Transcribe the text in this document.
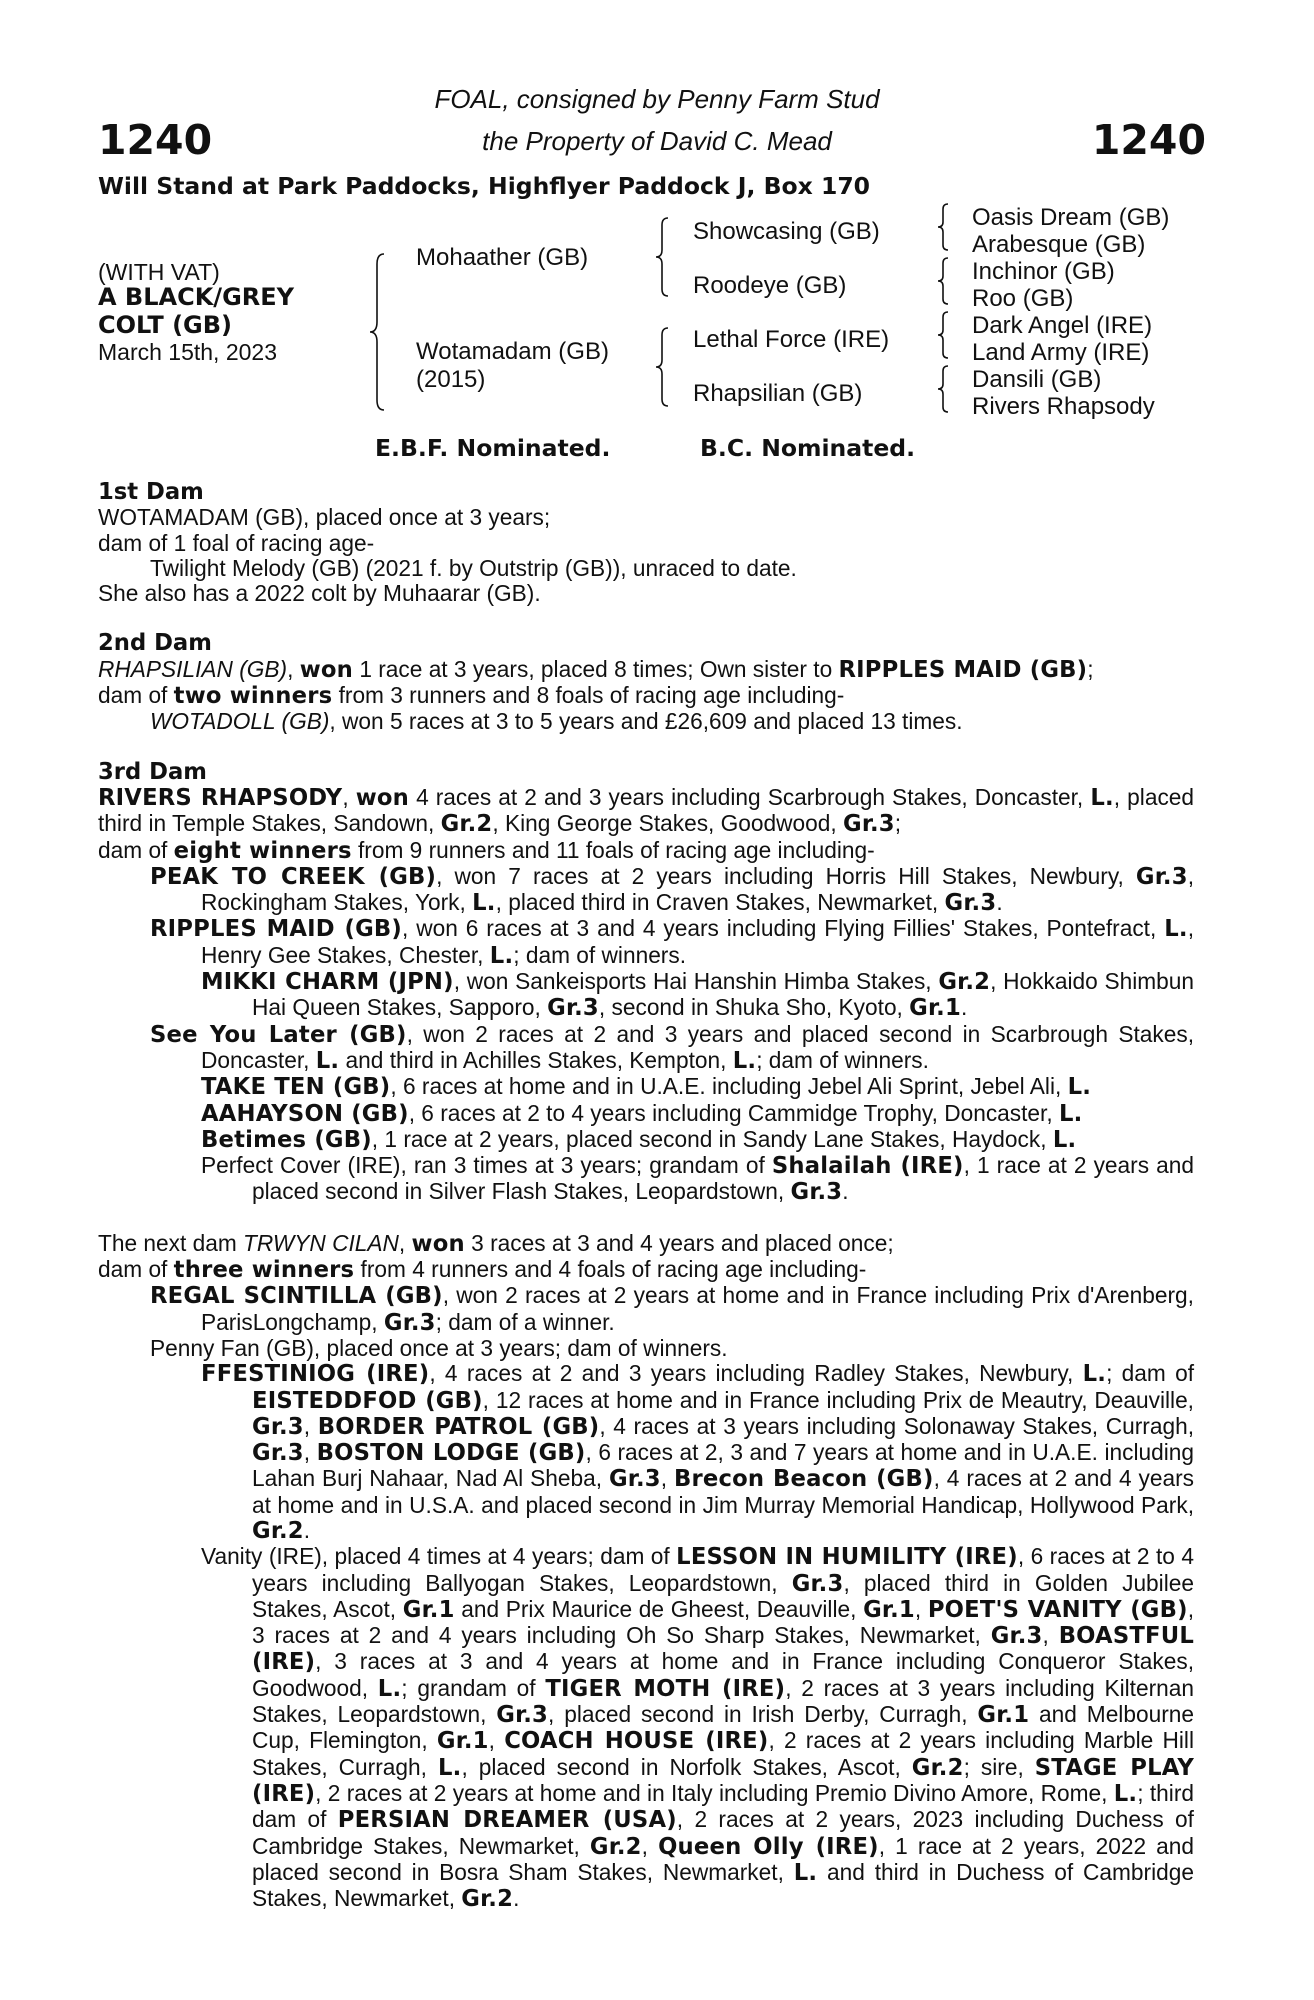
1240	1240
FOAL, consigned by Penny Farm Stud
the Property of David C. Mead
Will Stand at Park Paddocks, Highflyer Paddock J, Box 170
(WITH VAT)
A BLACK/GREY
COLT (GB)
March 15th, 2023
Mohaather (GB)
Wotamadam (GB)
(2015)
Showcasing (GB)
Roodeye (GB)
Lethal Force (IRE)
Rhapsilian (GB)
Oasis Dream (GB)
Arabesque (GB)
Inchinor (GB)
Roo (GB)
Dark Angel (IRE)
Land Army (IRE)
Dansili (GB)
Rivers Rhapsody
E.B.F. Nominated.	B.C. Nominated.

1st Dam

WOTAMADAM (GB), placed once at 3 years;

dam of 1 foal of racing age-

Twilight Melody (GB) (2021 f. by Outstrip (GB)), unraced to date.

She also has a 2022 colt by Muhaarar (GB).

2nd Dam

RHAPSILIAN (GB), won 1 race at 3 years, placed 8 times; Own sister to RIPPLES MAID (GB);

dam of two winners from 3 runners and 8 foals of racing age including-

WOTADOLL (GB), won 5 races at 3 to 5 years and £26,609 and placed 13 times.

3rd Dam

RIVERS RHAPSODY, won 4 races at 2 and 3 years including Scarbrough Stakes, Doncaster, L., placed third in Temple Stakes, Sandown, Gr.2, King George Stakes, Goodwood, Gr.3;

dam of eight winners from 9 runners and 11 foals of racing age including-

PEAK TO CREEK (GB), won 7 races at 2 years including Horris Hill Stakes, Newbury, Gr.3, Rockingham Stakes, York, L., placed third in Craven Stakes, Newmarket, Gr.3.

RIPPLES MAID (GB), won 6 races at 3 and 4 years including Flying Fillies' Stakes, Pontefract, L., Henry Gee Stakes, Chester, L.; dam of winners.

MIKKI CHARM (JPN), won Sankeisports Hai Hanshin Himba Stakes, Gr.2, Hokkaido Shimbun Hai Queen Stakes, Sapporo, Gr.3, second in Shuka Sho, Kyoto, Gr.1.

See You Later (GB), won 2 races at 2 and 3 years and placed second in Scarbrough Stakes, Doncaster, L. and third in Achilles Stakes, Kempton, L.; dam of winners.

TAKE TEN (GB), 6 races at home and in U.A.E. including Jebel Ali Sprint, Jebel Ali, L.

AAHAYSON (GB), 6 races at 2 to 4 years including Cammidge Trophy, Doncaster, L.

Betimes (GB), 1 race at 2 years, placed second in Sandy Lane Stakes, Haydock, L.

Perfect Cover (IRE), ran 3 times at 3 years; grandam of Shalailah (IRE), 1 race at 2 years and placed second in Silver Flash Stakes, Leopardstown, Gr.3.

The next dam TRWYN CILAN, won 3 races at 3 and 4 years and placed once;

dam of three winners from 4 runners and 4 foals of racing age including-

REGAL SCINTILLA (GB), won 2 races at 2 years at home and in France including Prix d'Arenberg, ParisLongchamp, Gr.3; dam of a winner.

Penny Fan (GB), placed once at 3 years; dam of winners.

FFESTINIOG (IRE), 4 races at 2 and 3 years including Radley Stakes, Newbury, L.; dam of EISTEDDFOD (GB), 12 races at home and in France including Prix de Meautry, Deauville, Gr.3, BORDER PATROL (GB), 4 races at 3 years including Solonaway Stakes, Curragh, Gr.3, BOSTON LODGE (GB), 6 races at 2, 3 and 7 years at home and in U.A.E. including Lahan Burj Nahaar, Nad Al Sheba, Gr.3, Brecon Beacon (GB), 4 races at 2 and 4 years at home and in U.S.A. and placed second in Jim Murray Memorial Handicap, Hollywood Park, Gr.2.

Vanity (IRE), placed 4 times at 4 years; dam of LESSON IN HUMILITY (IRE), 6 races at 2 to 4 years including Ballyogan Stakes, Leopardstown, Gr.3, placed third in Golden Jubilee Stakes, Ascot, Gr.1 and Prix Maurice de Gheest, Deauville, Gr.1, POET'S VANITY (GB), 3 races at 2 and 4 years including Oh So Sharp Stakes, Newmarket, Gr.3, BOASTFUL (IRE), 3 races at 3 and 4 years at home and in France including Conqueror Stakes, Goodwood, L.; grandam of TIGER MOTH (IRE), 2 races at 3 years including Kilternan Stakes, Leopardstown, Gr.3, placed second in Irish Derby, Curragh, Gr.1 and Melbourne Cup, Flemington, Gr.1, COACH HOUSE (IRE), 2 races at 2 years including Marble Hill Stakes, Curragh, L., placed second in Norfolk Stakes, Ascot, Gr.2; sire, STAGE PLAY (IRE), 2 races at 2 years at home and in Italy including Premio Divino Amore, Rome, L.; third dam of PERSIAN DREAMER (USA), 2 races at 2 years, 2023 including Duchess of Cambridge Stakes, Newmarket, Gr.2, Queen Olly (IRE), 1 race at 2 years, 2022 and placed second in Bosra Sham Stakes, Newmarket, L. and third in Duchess of Cambridge Stakes, Newmarket, Gr.2.
